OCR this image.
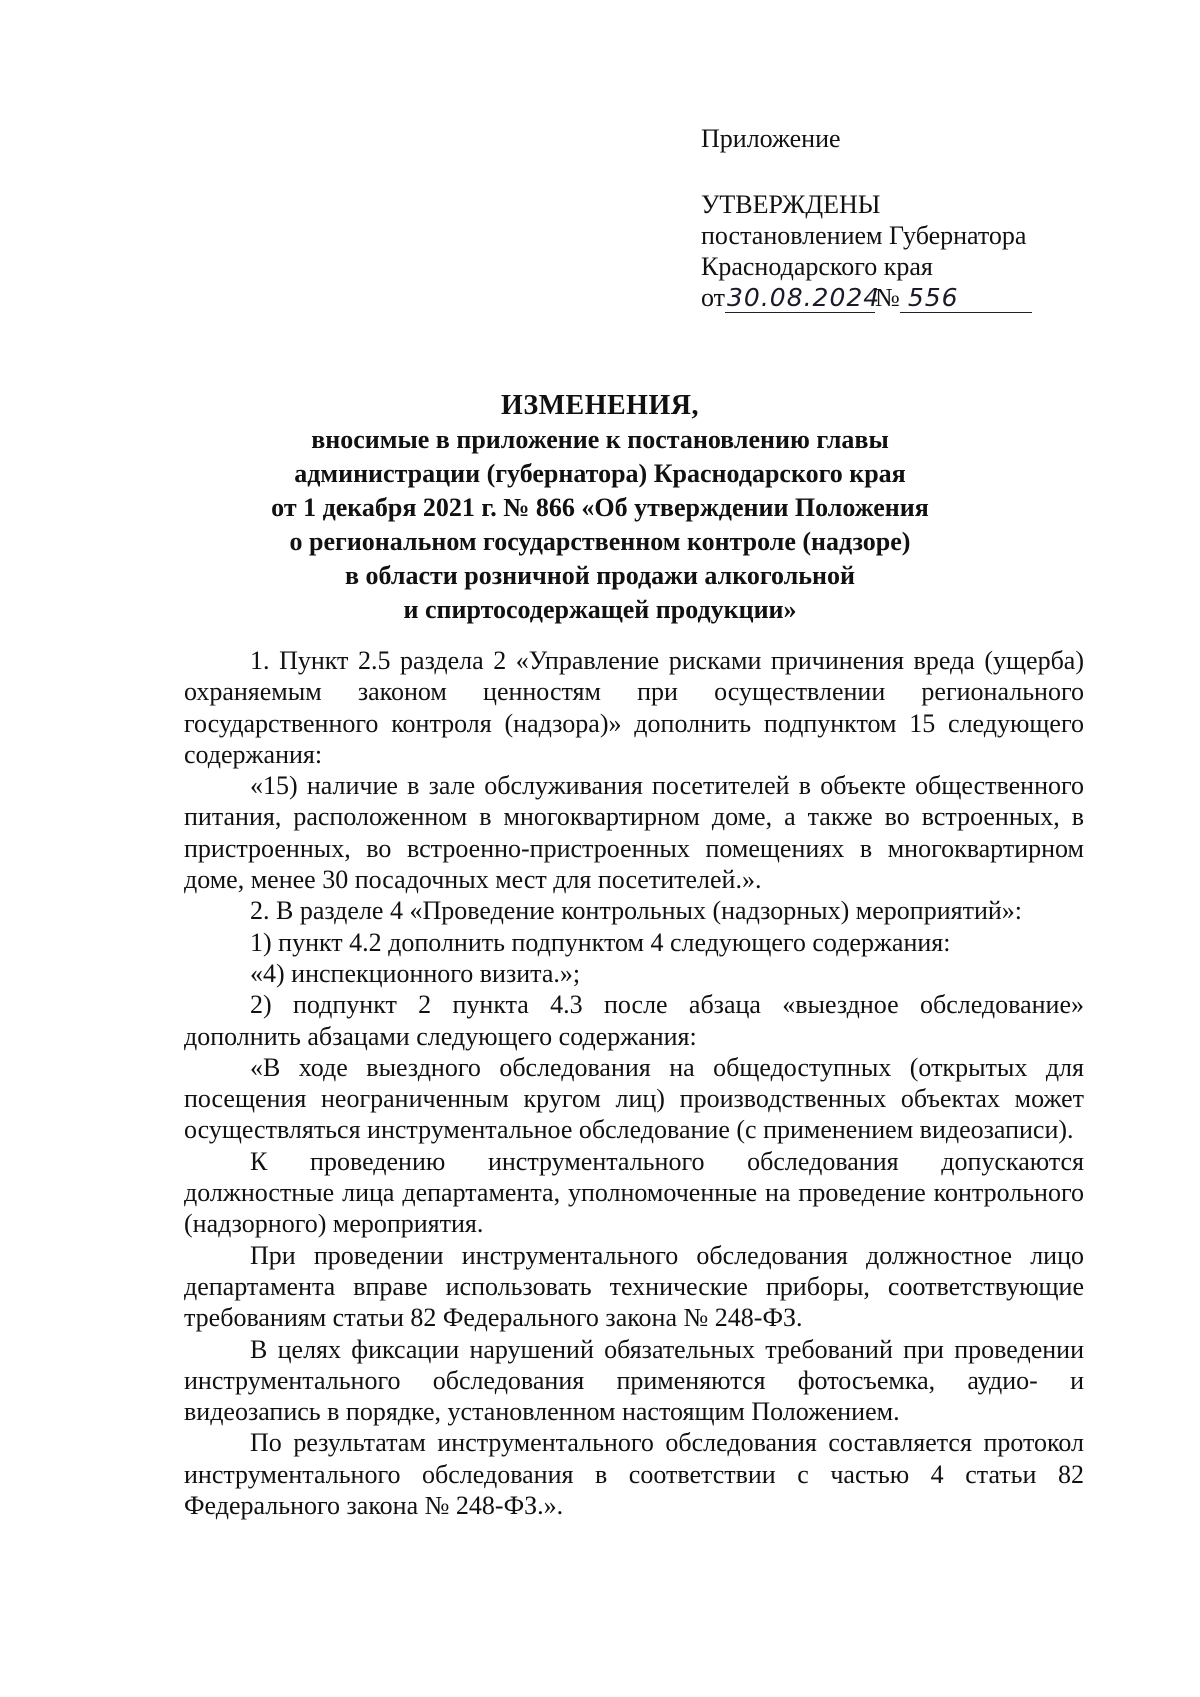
Приложение
УТВЕРЖДЕНЫ
постановлением Губернатора
Краснодарского края
от30.08.2024№ 556
ИЗМЕНЕНИЯ,
вносимые в приложение к постановлению главы
администрации (губернатора) Краснодарского края
от 1 декабря 2021 г. № 866 «Об утверждении Положения
о региональном государственном контроле (надзоре)
в области розничной продажи алкогольной
и спиртосодержащей продукции»

1. Пункт 2.5 раздела 2 «Управление рисками причинения вреда (ущерба) охраняемым законом ценностям при осуществлении регионального государственного контроля (надзора)» дополнить подпунктом 15 следующего содержания:

«15) наличие в зале обслуживания посетителей в объекте общественного питания, расположенном в многоквартирном доме, а также во встроенных, в пристроенных, во встроенно-пристроенных помещениях в многоквартирном доме, менее 30 посадочных мест для посетителей.».

2. В разделе 4 «Проведение контрольных (надзорных) мероприятий»:

1) пункт 4.2 дополнить подпунктом 4 следующего содержания:

«4) инспекционного визита.»;

2) подпункт 2 пункта 4.3 после абзаца «выездное обследование» дополнить абзацами следующего содержания:

«В ходе выездного обследования на общедоступных (открытых для посещения неограниченным кругом лиц) производственных объектах может осуществляться инструментальное обследование (с применением видеозаписи).

К проведению инструментального обследования допускаются должностные лица департамента, уполномоченные на проведение контрольного (надзорного) мероприятия.

При проведении инструментального обследования должностное лицо департамента вправе использовать технические приборы, соответствующие требованиям статьи 82 Федерального закона № 248-ФЗ.

В целях фиксации нарушений обязательных требований при проведении инструментального обследования применяются фотосъемка, аудио- и видеозапись в порядке, установленном настоящим Положением.

По результатам инструментального обследования составляется протокол инструментального обследования в соответствии с частью 4 статьи 82 Федерального закона № 248-ФЗ.».
